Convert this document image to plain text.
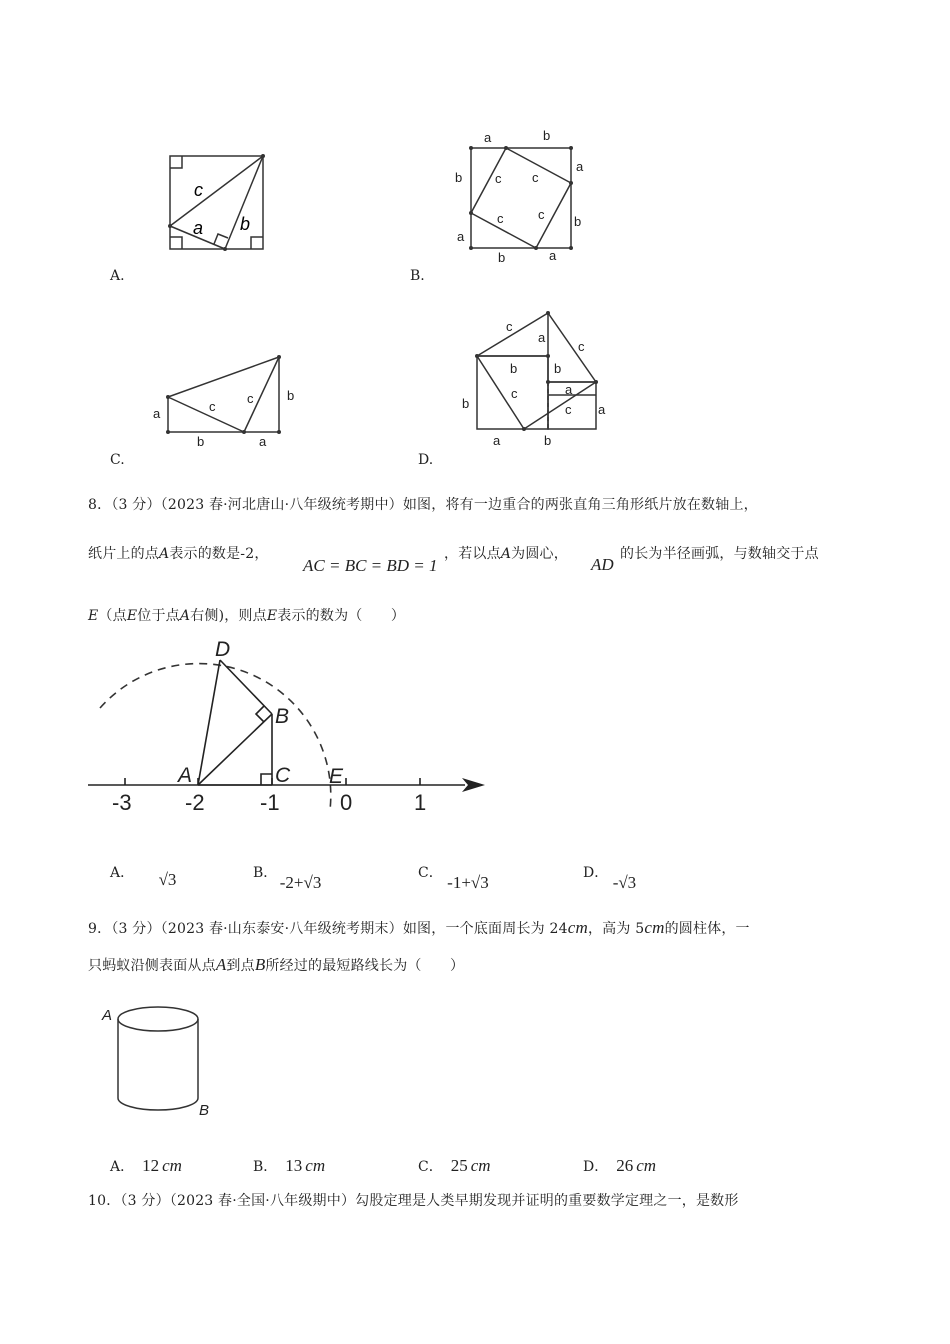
c
a b
A.
a	b
b
a
a
b
b	a
c c
c	c
B.
a	c
c	b
b	a
C.
c
a
c
b	b
a
c
c a
b
a	b
D.
8．（3 分）（2023 春·河北唐山·八年级统考期中）如图，将有一边重合的两张直角三角形纸片放在数轴上，
纸片上的点A表示的数是-2，
AC = BC = BD = 1
，若以点A为圆心，
AD
的长为半径画弧，与数轴交于点
E（点E位于点A右侧)，则点E表示的数为（　　）
D
B
A	C E
-3 -2	-1	0	1
A． √3	B． -2+√3	C． -1+√3	D． -√3
9．（3 分）（2023 春·山东泰安·八年级统考期末）如图，一个底面周长为 24cm，高为 5cm的圆柱体，一
只蚂蚁沿侧表面从点A到点B所经过的最短路线长为（　　）
A
B
A． 12 cm	B． 13 cm	C． 25 cm	D． 26 cm
10．（3 分）（2023 春·全国·八年级期中）勾股定理是人类早期发现并证明的重要数学定理之一，是数形
